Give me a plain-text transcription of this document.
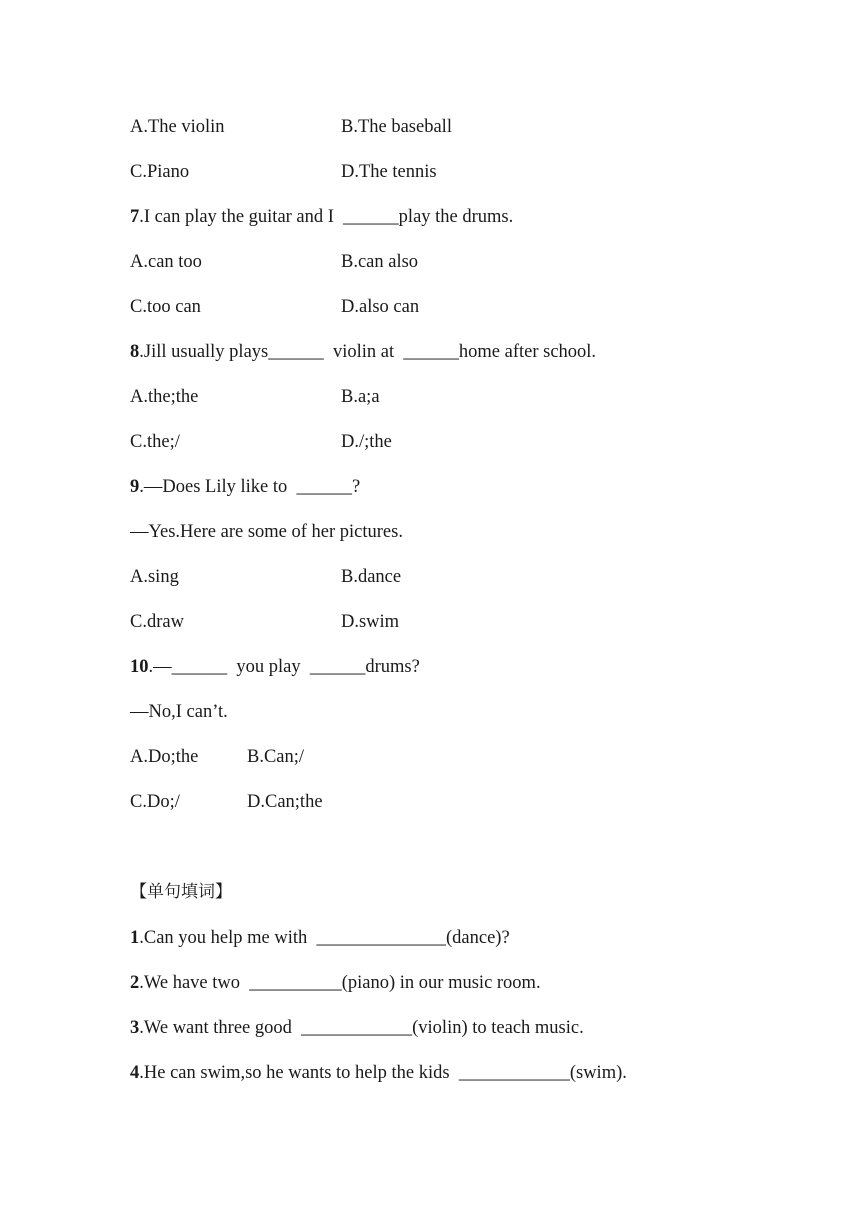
A.The violin	B.The baseball
C.Piano	D.The tennis
7.I can play the guitar and I  ______play the drums.
A.can too	B.can also
C.too can	D.also can
8.Jill usually plays______  violin at  ______home after school.
A.the;the	B.a;a
C.the;/	D./;the
9.—Does Lily like to  ______?
—Yes.Here are some of her pictures.
A.sing	B.dance
C.draw	D.swim
10.—______  you play  ______drums?
—No,I can’t.
A.Do;the	B.Can;/
C.Do;/	D.Can;the
【单句填词】
1.Can you help me with  ______________(dance)?
2.We have two  __________(piano) in our music room.
3.We want three good  ____________(violin) to teach music.
4.He can swim,so he wants to help the kids  ____________(swim).
